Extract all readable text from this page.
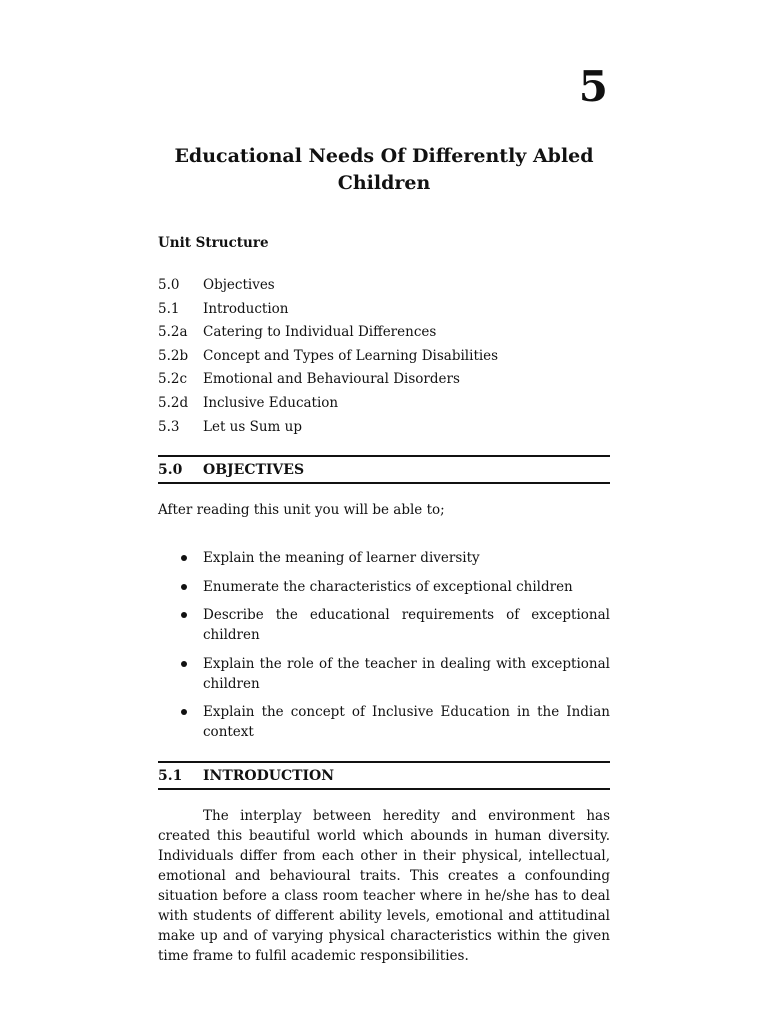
5
Educational Needs Of Differently Abled Children
Unit Structure
5.0	Objectives
5.1	Introduction
5.2a	Catering to Individual Differences
5.2b	Concept and Types of Learning Disabilities
5.2c	Emotional and Behavioural Disorders
5.2d	Inclusive Education
5.3	Let us Sum up
5.0	OBJECTIVES

After reading this unit you will be able to;

Explain the meaning of learner diversity
Enumerate the characteristics of exceptional children
Describe the educational requirements of exceptional children
Explain the role of the teacher in dealing with exceptional children
Explain the concept of Inclusive Education in the Indian context
5.1	INTRODUCTION

The interplay between heredity and environment has created this beautiful world which abounds in human diversity. Individuals differ from each other in their physical, intellectual, emotional and behavioural traits. This creates a confounding situation before a class room teacher where in he/she has to deal with students of different ability levels, emotional and attitudinal make up and of varying physical characteristics within the given time frame to fulfil academic responsibilities.
